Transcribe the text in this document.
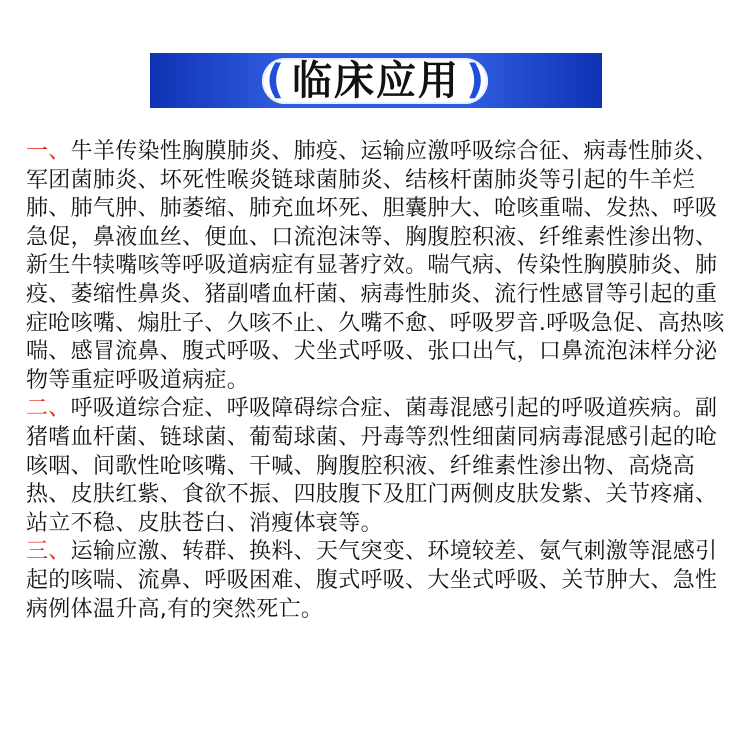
(	)
临床应用

一、牛羊传染性胸膜肺炎、肺疫、运输应激呼吸综合征、病毒性肺炎、军团菌肺炎、坏死性喉炎链球菌肺炎、结核杆菌肺炎等引起的牛羊烂肺、肺气肿、肺萎缩、肺充血坏死、胆囊肿大、呛咳重喘、发热、呼吸急促，鼻液血丝、便血、口流泡沫等、胸腹腔积液、纤维素性渗出物、新生牛犊嘴咳等呼吸道病症有显著疗效。喘气病、传染性胸膜肺炎、肺疫、萎缩性鼻炎、猪副嗜血杆菌、病毒性肺炎、流行性感冒等引起的重症呛咳嘴、煽肚子、久咳不止、久嘴不愈、呼吸罗音.呼吸急促、高热咳喘、感冒流鼻、腹式呼吸、犬坐式呼吸、张口出气，口鼻流泡沫样分泌物等重症呼吸道病症。

二、呼吸道综合症、呼吸障碍综合症、菌毒混感引起的呼吸道疾病。副猪嗜血杆菌、链球菌、葡萄球菌、丹毒等烈性细菌同病毒混感引起的呛咳咽、间歌性呛咳嘴、干喊、胸腹腔积液、纤维素性渗出物、高烧高热、皮肤红紫、食欲不振、四肢腹下及肛门两侧皮肤发紫、关节疼痛、站立不稳、皮肤苍白、消瘦体衰等。

三、运输应激、转群、换料、天气突变、环境较差、氨气刺激等混感引起的咳喘、流鼻、呼吸困难、腹式呼吸、大坐式呼吸、关节肿大、急性病例体温升高,有的突然死亡。
